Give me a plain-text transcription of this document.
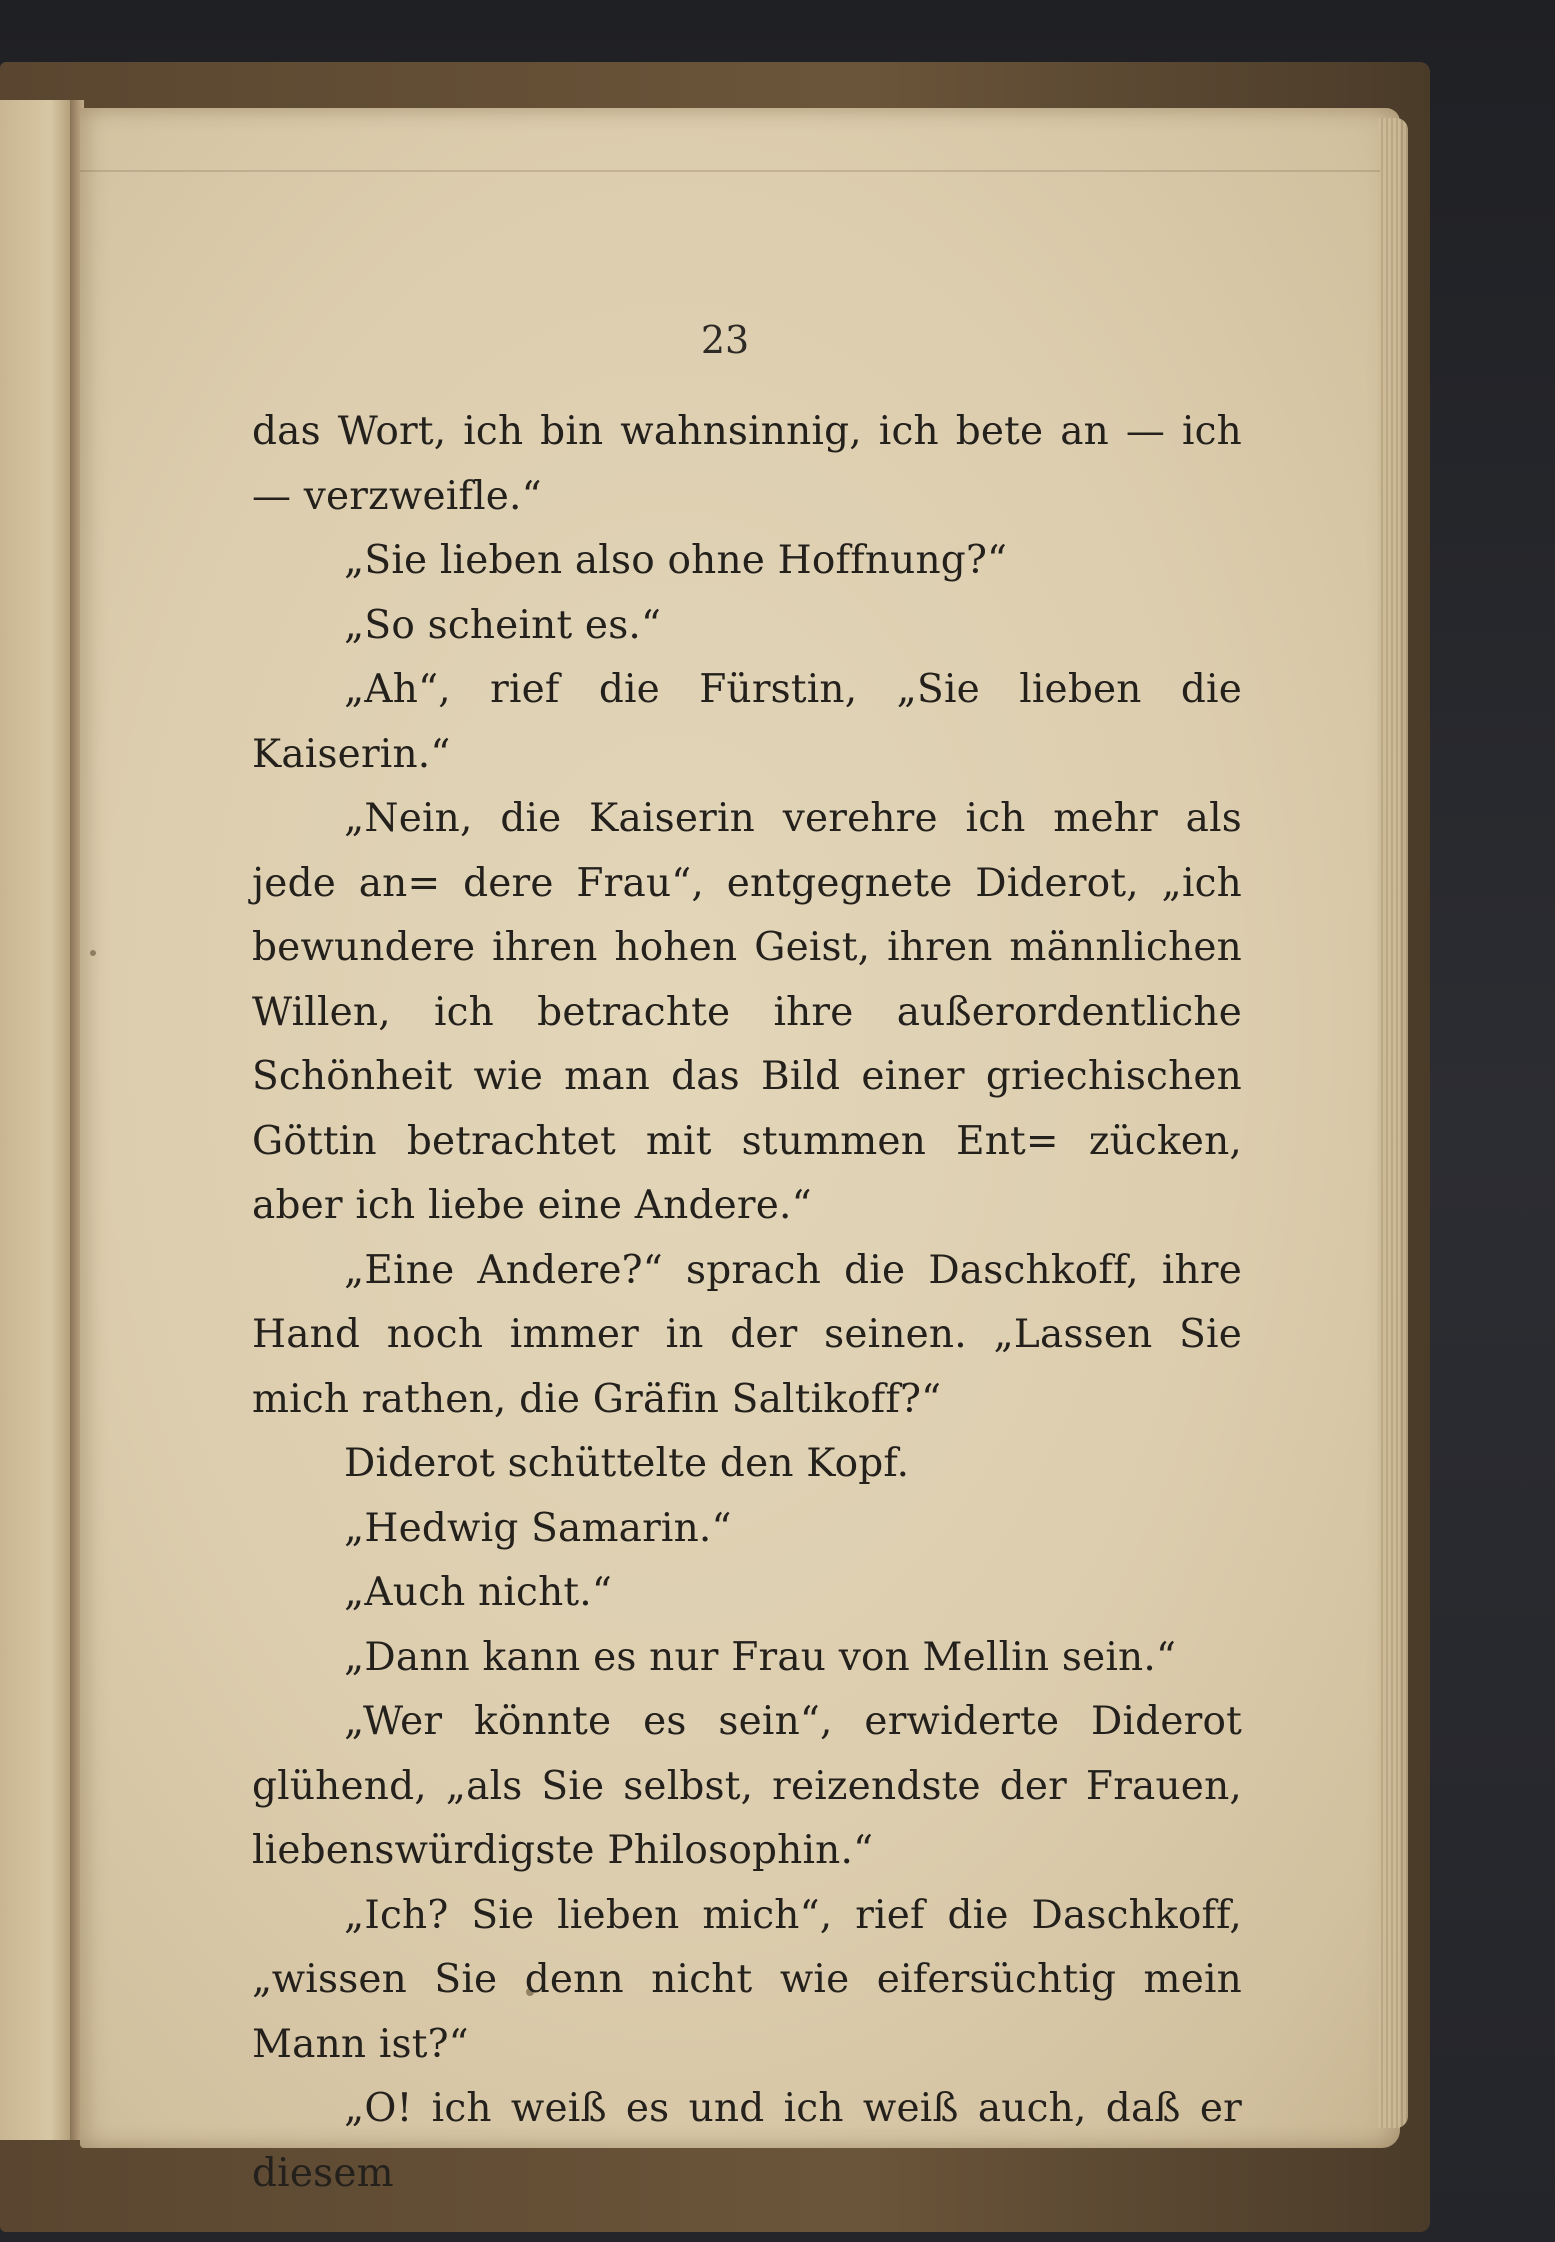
23

das Wort, ich bin wahnsinnig, ich bete an — ich — verzweifle.“

„Sie lieben also ohne Hoffnung?“

„So scheint es.“

„Ah“, rief die Fürstin, „Sie lieben die Kaiserin.“

„Nein, die Kaiserin verehre ich mehr als jede an= dere Frau“, entgegnete Diderot, „ich bewundere ihren hohen Geist, ihren männlichen Willen, ich betrachte ihre außerordentliche Schönheit wie man das Bild einer griechischen Göttin betrachtet mit stummen Ent= zücken, aber ich liebe eine Andere.“

„Eine Andere?“ sprach die Daschkoff, ihre Hand noch immer in der seinen. „Lassen Sie mich rathen, die Gräfin Saltikoff?“

Diderot schüttelte den Kopf.

„Hedwig Samarin.“

„Auch nicht.“

„Dann kann es nur Frau von Mellin sein.“

„Wer könnte es sein“, erwiderte Diderot glühend, „als Sie selbst, reizendste der Frauen, liebenswürdigste Philosophin.“

„Ich? Sie lieben mich“, rief die Daschkoff, „wissen Sie denn nicht wie eifersüchtig mein Mann ist?“

„O! ich weiß es und ich weiß auch, daß er diesem
